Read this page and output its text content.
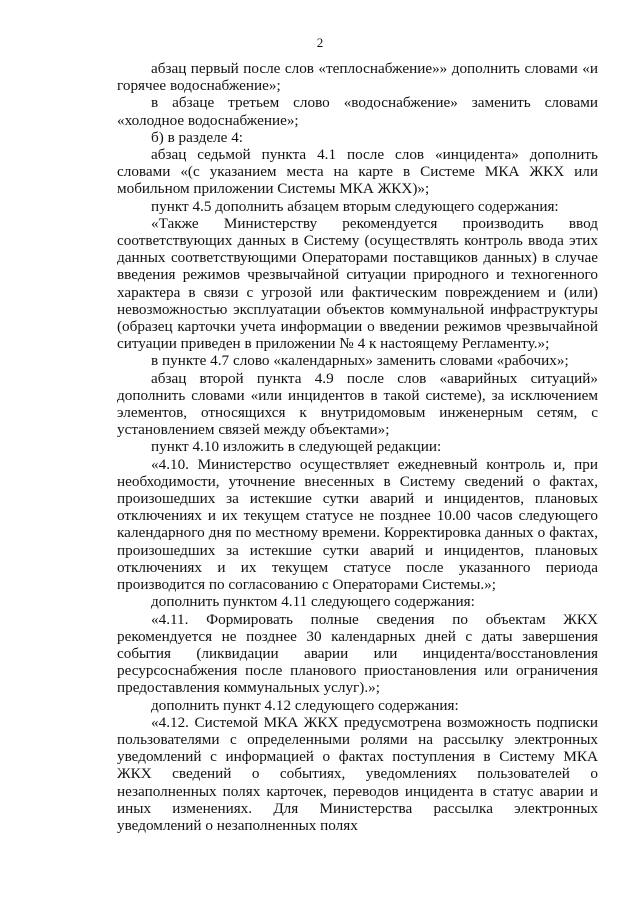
2

абзац первый после слов «теплоснабжение»» дополнить словами «и горячее водоснабжение»;

в абзаце третьем слово «водоснабжение» заменить словами «холодное водоснабжение»;

б) в разделе 4:

абзац седьмой пункта 4.1 после слов «инцидента» дополнить словами «(с указанием места на карте в Системе МКА ЖКХ или мобильном приложении Системы МКА ЖКХ)»;

пункт 4.5 дополнить абзацем вторым следующего содержания:

«Также Министерству рекомендуется производить ввод соответствующих данных в Систему (осуществлять контроль ввода этих данных соответствующими Операторами поставщиков данных) в случае введения режимов чрезвычайной ситуации природного и техногенного характера в связи с угрозой или фактическим повреждением и (или) невозможностью эксплуатации объектов коммунальной инфраструктуры (образец карточки учета информации о введении режимов чрезвычайной ситуации приведен в приложении № 4 к настоящему Регламенту.»;

в пункте 4.7 слово «календарных» заменить словами «рабочих»;

абзац второй пункта 4.9 после слов «аварийных ситуаций» дополнить словами «или инцидентов в такой системе), за исключением элементов, относящихся к внутридомовым инженерным сетям, с установлением связей между объектами»;

пункт 4.10 изложить в следующей редакции:

«4.10. Министерство осуществляет ежедневный контроль и, при необходимости, уточнение внесенных в Систему сведений о фактах, произошедших за истекшие сутки аварий и инцидентов, плановых отключениях и их текущем статусе не позднее 10.00 часов следующего календарного дня по местному времени. Корректировка данных о фактах, произошедших за истекшие сутки аварий и инцидентов, плановых отключениях и их текущем статусе после указанного периода производится по согласованию с Операторами Системы.»;

дополнить пунктом 4.11 следующего содержания:

«4.11. Формировать полные сведения по объектам ЖКХ рекомендуется не позднее 30 календарных дней с даты завершения события (ликвидации аварии или инцидента/восстановления ресурсоснабжения после планового приостановления или ограничения предоставления коммунальных услуг).»;

дополнить пункт 4.12 следующего содержания:

«4.12. Системой МКА ЖКХ предусмотрена возможность подписки пользователями с определенными ролями на рассылку электронных уведомлений с информацией о фактах поступления в Систему МКА ЖКХ сведений о событиях, уведомлениях пользователей о незаполненных полях карточек, переводов инцидента в статус аварии и иных изменениях. Для Министерства рассылка электронных уведомлений о незаполненных полях
